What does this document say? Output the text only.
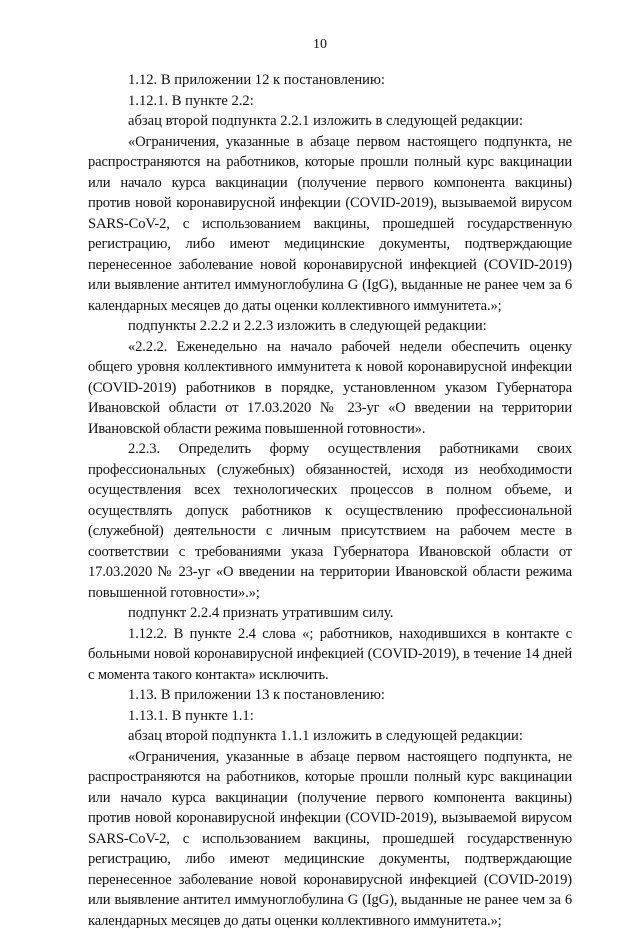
10

1.12. В приложении 12 к постановлению:

1.12.1. В пункте 2.2:

абзац второй подпункта 2.2.1 изложить в следующей редакции:

«Ограничения, указанные в абзаце первом настоящего подпункта, не распространяются на работников, которые прошли полный курс вакцинации или начало курса вакцинации (получение первого компонента вакцины) против новой коронавирусной инфекции (COVID-2019), вызываемой вирусом SARS-CoV-2, с использованием вакцины, прошедшей государственную регистрацию, либо имеют медицинские документы, подтверждающие перенесенное заболевание новой коронавирусной инфекцией (COVID-2019) или выявление антител иммуноглобулина G (IgG), выданные не ранее чем за 6 календарных месяцев до даты оценки коллективного иммунитета.»;

подпункты 2.2.2 и 2.2.3 изложить в следующей редакции:

«2.2.2. Еженедельно на начало рабочей недели обеспечить оценку общего уровня коллективного иммунитета к новой коронавирусной инфекции (COVID-2019) работников в порядке, установленном указом Губернатора Ивановской области от 17.03.2020 № 23-уг «О введении на территории Ивановской области режима повышенной готовности».

2.2.3. Определить форму осуществления работниками своих профессиональных (служебных) обязанностей, исходя из необходимости осуществления всех технологических процессов в полном объеме, и осуществлять допуск работников к осуществлению профессиональной (служебной) деятельности с личным присутствием на рабочем месте в соответствии с требованиями указа Губернатора Ивановской области от 17.03.2020 № 23-уг «О введении на территории Ивановской области режима повышенной готовности».»;

подпункт 2.2.4 признать утратившим силу.

1.12.2. В пункте 2.4 слова «; работников, находившихся в контакте с больными новой коронавирусной инфекцией (COVID-2019), в течение 14 дней с момента такого контакта» исключить.

1.13. В приложении 13 к постановлению:

1.13.1. В пункте 1.1:

абзац второй подпункта 1.1.1 изложить в следующей редакции:

«Ограничения, указанные в абзаце первом настоящего подпункта, не распространяются на работников, которые прошли полный курс вакцинации или начало курса вакцинации (получение первого компонента вакцины) против новой коронавирусной инфекции (COVID-2019), вызываемой вирусом SARS-CoV-2, с использованием вакцины, прошедшей государственную регистрацию, либо имеют медицинские документы, подтверждающие перенесенное заболевание новой коронавирусной инфекцией (COVID-2019) или выявление антител иммуноглобулина G (IgG), выданные не ранее чем за 6 календарных месяцев до даты оценки коллективного иммунитета.»;
